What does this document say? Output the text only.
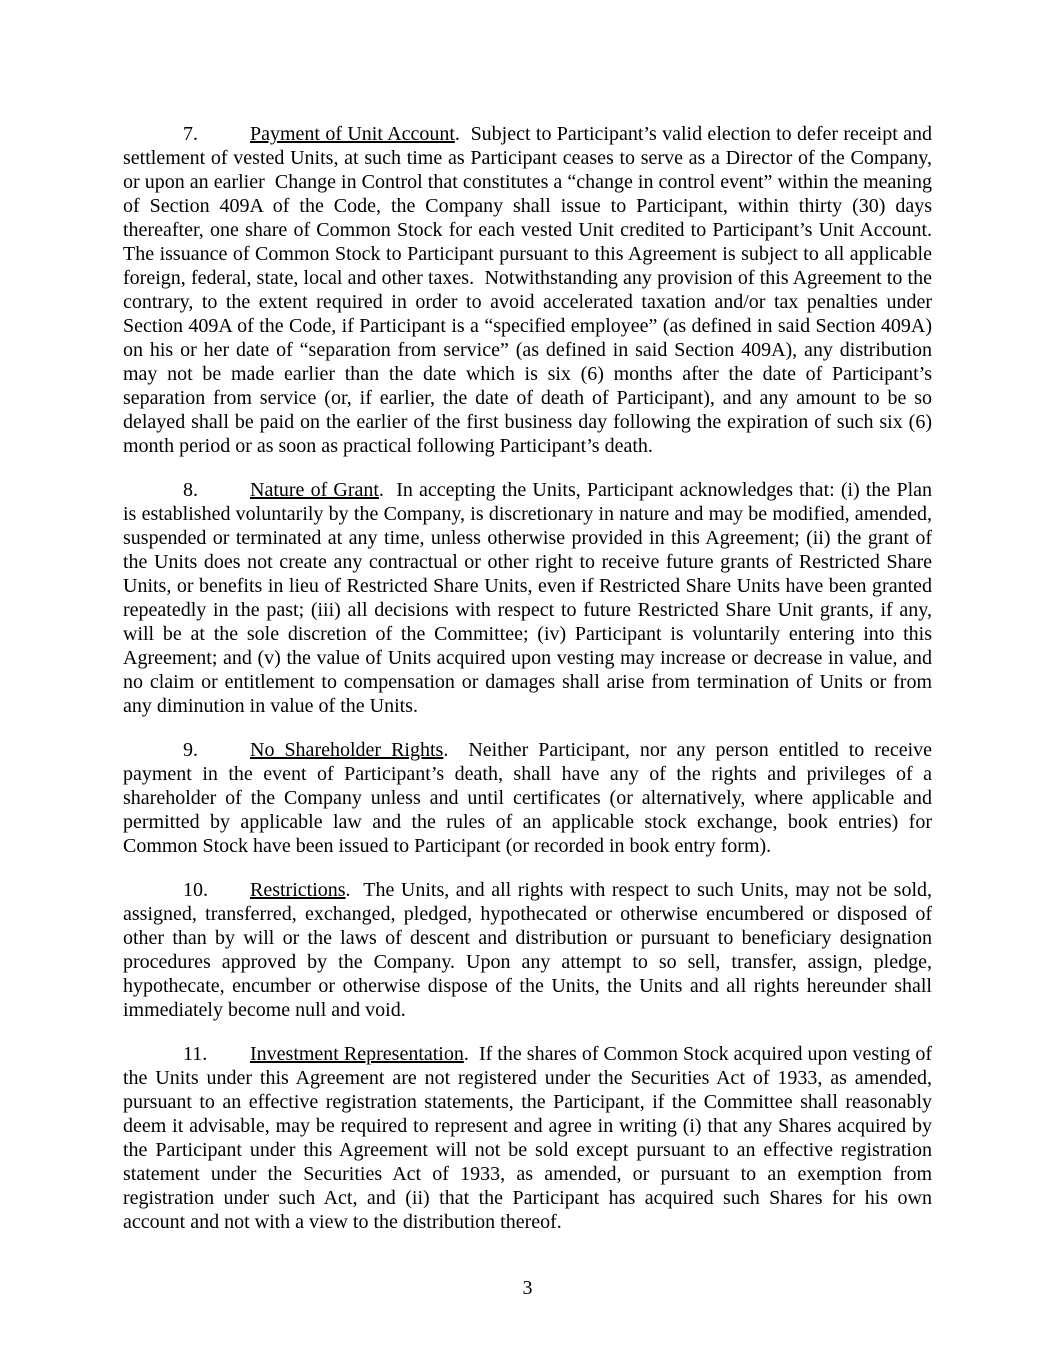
7.	Payment of Unit Account.  Subject to Participant’s valid election to defer receipt and settlement of vested Units, at such time as Participant ceases to serve as a Director of the Company, or upon an earlier  Change in Control that constitutes a “change in control event” within the meaning of Section 409A of the Code, the Company shall issue to Participant, within thirty (30) days thereafter, one share of Common Stock for each vested Unit credited to Participant’s Unit Account. The issuance of Common Stock to Participant pursuant to this Agreement is subject to all applicable foreign, federal, state, local and other taxes.  Notwithstanding any provision of this Agreement to the contrary, to the extent required in order to avoid accelerated taxation and/or tax penalties under Section 409A of the Code, if Participant is a “specified employee” (as defined in said Section 409A) on his or her date of “separation from service” (as defined in said Section 409A), any distribution may not be made earlier than the date which is six (6) months after the date of Participant’s separation from service (or, if earlier, the date of death of Participant), and any amount to be so delayed shall be paid on the earlier of the first business day following the expiration of such six (6) month period or as soon as practical following Participant’s death.

8.	Nature of Grant.  In accepting the Units, Participant acknowledges that: (i) the Plan is established voluntarily by the Company, is discretionary in nature and may be modified, amended, suspended or terminated at any time, unless otherwise provided in this Agreement; (ii) the grant of the Units does not create any contractual or other right to receive future grants of Restricted Share Units, or benefits in lieu of Restricted Share Units, even if Restricted Share Units have been granted repeatedly in the past; (iii) all decisions with respect to future Restricted Share Unit grants, if any, will be at the sole discretion of the Committee; (iv) Participant is voluntarily entering into this Agreement; and (v) the value of Units acquired upon vesting may increase or decrease in value, and no claim or entitlement to compensation or damages shall arise from termination of Units or from any diminution in value of the Units.

9.	No Shareholder Rights.  Neither Participant, nor any person entitled to receive payment in the event of Participant’s death, shall have any of the rights and privileges of a shareholder of the Company unless and until certificates (or alternatively, where applicable and permitted by applicable law and the rules of an applicable stock exchange, book entries) for Common Stock have been issued to Participant (or recorded in book entry form).

10. Restrictions.  The Units, and all rights with respect to such Units, may not be sold, assigned, transferred, exchanged, pledged, hypothecated or otherwise encumbered or disposed of other than by will or the laws of descent and distribution or pursuant to beneficiary designation procedures approved by the Company. Upon any attempt to so sell, transfer, assign, pledge, hypothecate, encumber or otherwise dispose of the Units, the Units and all rights hereunder shall immediately become null and void.

11. Investment Representation.  If the shares of Common Stock acquired upon vesting of the Units under this Agreement are not registered under the Securities Act of 1933, as amended, pursuant to an effective registration statements, the Participant, if the Committee shall reasonably deem it advisable, may be required to represent and agree in writing (i) that any Shares acquired by the Participant under this Agreement will not be sold except pursuant to an effective registration statement under the Securities Act of 1933, as amended, or pursuant to an exemption from registration under such Act, and (ii) that the Participant has acquired such Shares for his own account and not with a view to the distribution thereof.

3
